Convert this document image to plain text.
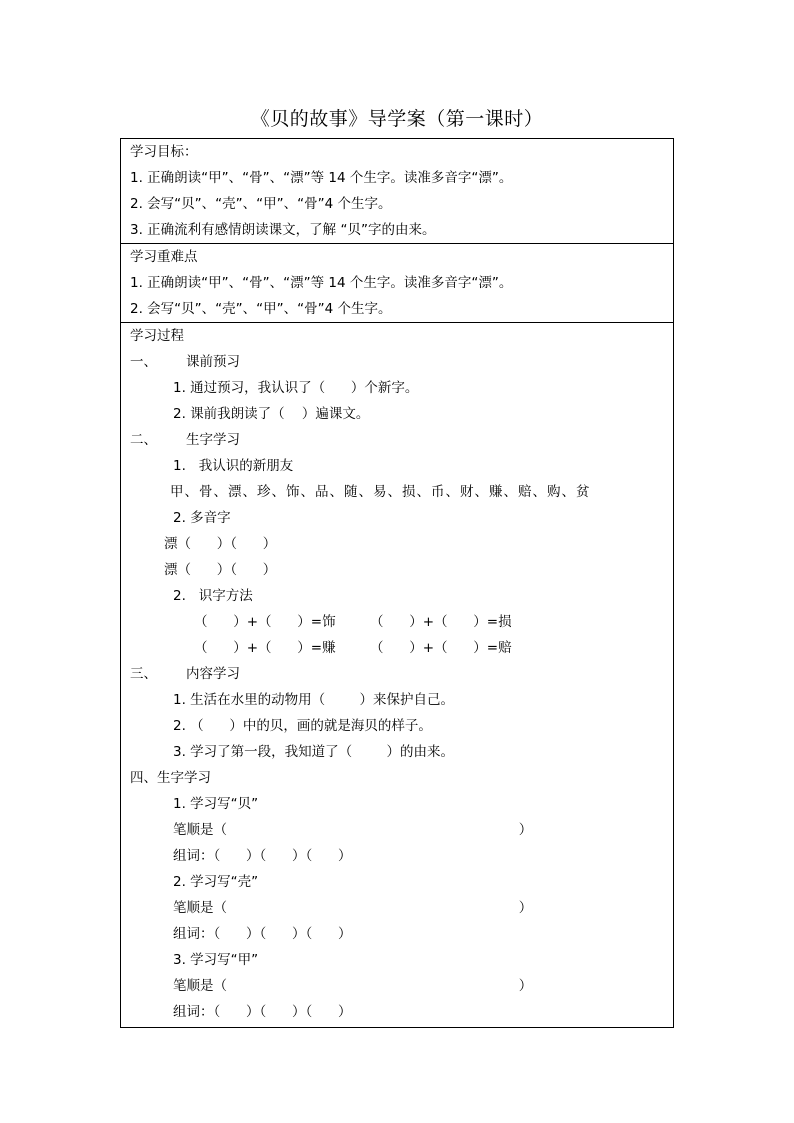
《贝的故事》导学案（第一课时）
学习目标：
1. 正确朗读“甲”、“骨”、“漂”等 14 个生字。读准多音字“漂”。
2. 会写“贝”、“壳”、“甲”、“骨”4 个生字。
3. 正确流利有感情朗读课文，了解 “贝”字的由来。

学习重难点
1. 正确朗读“甲”、“骨”、“漂”等 14 个生字。读准多音字“漂”。
2. 会写“贝”、“壳”、“甲”、“骨”4 个生字。

学习过程
一、 课前预习
1. 通过预习，我认识了（      ）个新字。
2. 课前我朗读了（    ）遍课文。
二、 生字学习
1.   我认识的新朋友
甲、骨、漂、珍、饰、品、随、易、损、币、财、赚、赔、购、贫
2. 多音字
漂（      ）（      ）
漂（      ）（      ）
2.   识字方法
（      ）+（      ）=饰	（      ）+（      ）=损
（      ）+（      ）=赚	（      ）+（      ）=赔
三、 内容学习
1. 生活在水里的动物用（        ）来保护自己。
2. （      ）中的贝，画的就是海贝的样子。
3. 学习了第一段，我知道了（        ）的由来。
四、生字学习
1. 学习写“贝”
笔顺是（                                                                    ）
组词：（      ）（      ）（      ）
2. 学习写“壳”
笔顺是（                                                                    ）
组词：（      ）（      ）（      ）
3. 学习写“甲”
笔顺是（                                                                    ）
组词：（      ）（      ）（      ）
